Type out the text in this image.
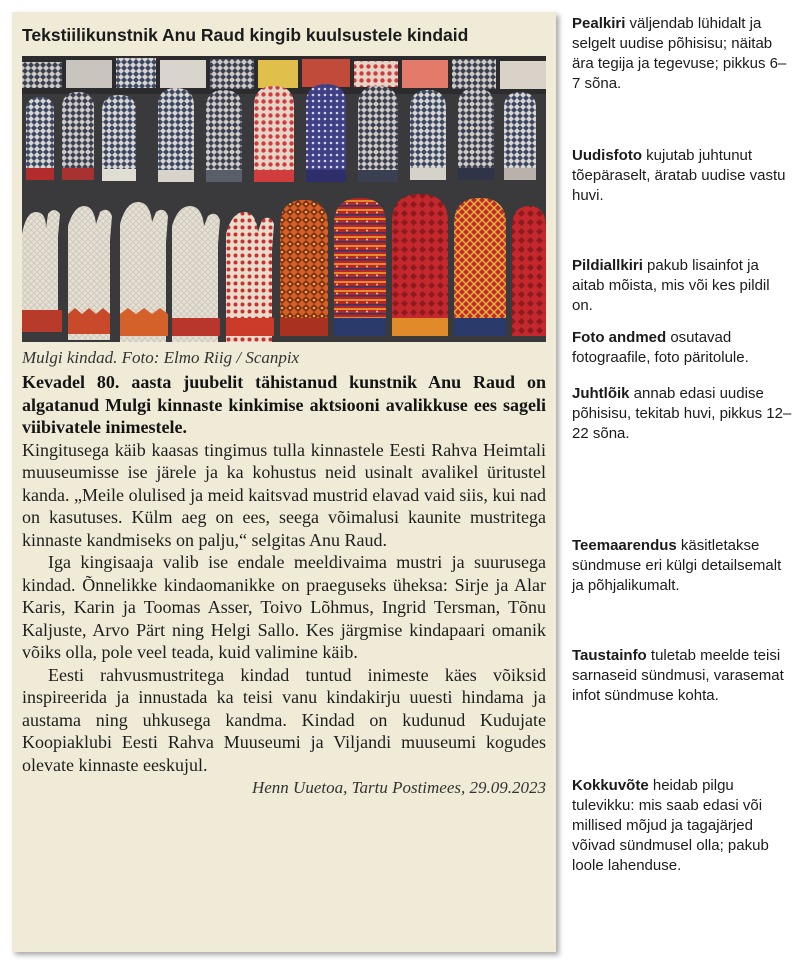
Tekstiilikunstnik Anu Raud kingib kuulsustele kindaid
Mulgi kindad. Foto: Elmo Riig / Scanpix
Kevadel 80. aasta juubelit tähistanud kunstnik Anu Raud on algatanud Mulgi kinnaste kinkimise aktsiooni avalikkuse ees sageli viibivatele inimestele.

Kingitusega käib kaasas tingimus tulla kinnastele Eesti Rahva Heimtali muuseumisse ise järele ja ka kohustus neid usinalt avalikel üritustel kanda. „Meile olulised ja meid kaitsvad mustrid elavad vaid siis, kui nad on kasutuses. Külm aeg on ees, seega võimalusi kaunite mustritega kinnaste kandmiseks on palju,“ selgitas Anu Raud.

Iga kingisaaja valib ise endale meeldivaima mustri ja suurusega kindad. Õnnelikke kindaomanikke on praeguseks üheksa: Sirje ja Alar Karis, Karin ja Toomas Asser, Toivo Lõhmus, Ingrid Tersman, Tõnu Kaljuste, Arvo Pärt ning Helgi Sallo. Kes järgmise kindapaari omanik võiks olla, pole veel teada, kuid valimine käib.

Eesti rahvusmustritega kindad tuntud inimeste käes võiksid inspireerida ja innustada ka teisi vanu kindakirju uuesti hindama ja austama ning uhkusega kandma. Kindad on kudunud Kudujate Koopiaklubi Eesti Rahva Muuseumi ja Viljandi muuseumi kogudes olevate kinnaste eeskujul.

Henn Uuetoa, Tartu Postimees, 29.09.2023
Pealkiri väljendab lühidalt ja selgelt uudise põhisisu; näitab ära tegija ja tegevuse; pikkus 6–7 sõna.
Uudisfoto kujutab juhtunut tõepäraselt, äratab uudise vastu huvi.
Pildiallkiri pakub lisainfot ja aitab mõista, mis või kes pildil on.
Foto andmed osutavad fotograafile, foto päritolule.
Juhtlõik annab edasi uudise põhisisu, tekitab huvi, pikkus 12–22 sõna.
Teemaarendus käsitletakse sündmuse eri külgi detailsemalt ja põhjalikumalt.
Taustainfo tuletab meelde teisi sarnaseid sündmusi, varasemat infot sündmuse kohta.
Kokkuvõte heidab pilgu tulevikku: mis saab edasi või millised mõjud ja tagajärjed võivad sündmusel olla; pakub loole lahenduse.
